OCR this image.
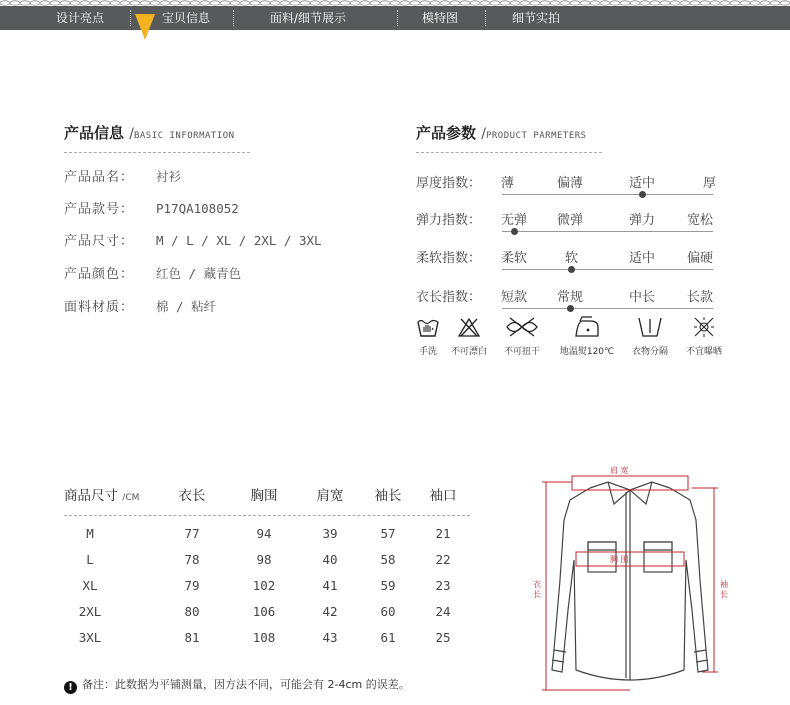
设计亮点	宝贝信息	面料/细节展示	模特图	细节实拍
产品信息 /BASIC INFORMATION
产品品名： 衬衫
产品款号： P17QA108052
产品尺寸： M / L / XL / 2XL / 3XL
产品颜色： 红色 / 藏青色
面料材质： 棉 / 粘纤
产品参数 /PRODUCT PARMETERS
厚度指数： 薄	偏薄	适中	厚
弹力指数： 无弹 微弹	弹力 宽松
柔软指数： 柔软	软	适中 偏硬
衣长指数： 短款 常规	中长 长款
手洗	不可漂白	不可扭干	地温熨120℃	衣物分隔	不宜曝晒
商品尺寸 /CM	衣长	胸围	肩宽	袖长	袖口

M	77	94	39	57	21
L	78	98	40	58	22
XL	79	102	41	59	23
2XL	80	106	42	60	24
3XL	81	108	43	61	25
! 备注：此数据为平铺测量，因方法不同，可能会有 2-4cm 的误差。
肩 宽
胸 围
衣
长
袖
长
